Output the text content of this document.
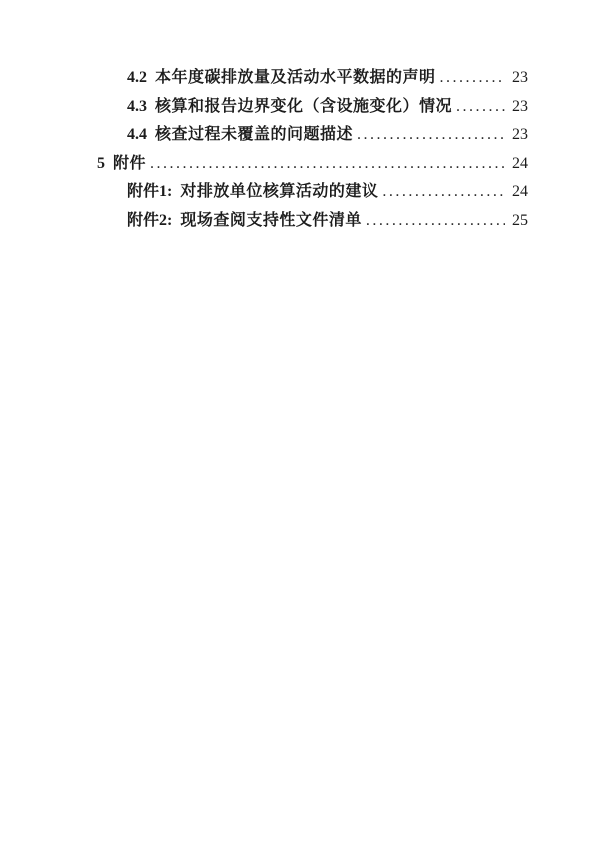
4.2 本年度碳排放量及活动水平数据的声明 .....	23
4.3 核算和报告边界变化（含设施变化）情况 .....	23
4.4 核查过程未覆盖的问题描述 .....	23
5 附件 .....	24
附件1: 对排放单位核算活动的建议 .....	24
附件2: 现场查阅支持性文件清单 .....	25
